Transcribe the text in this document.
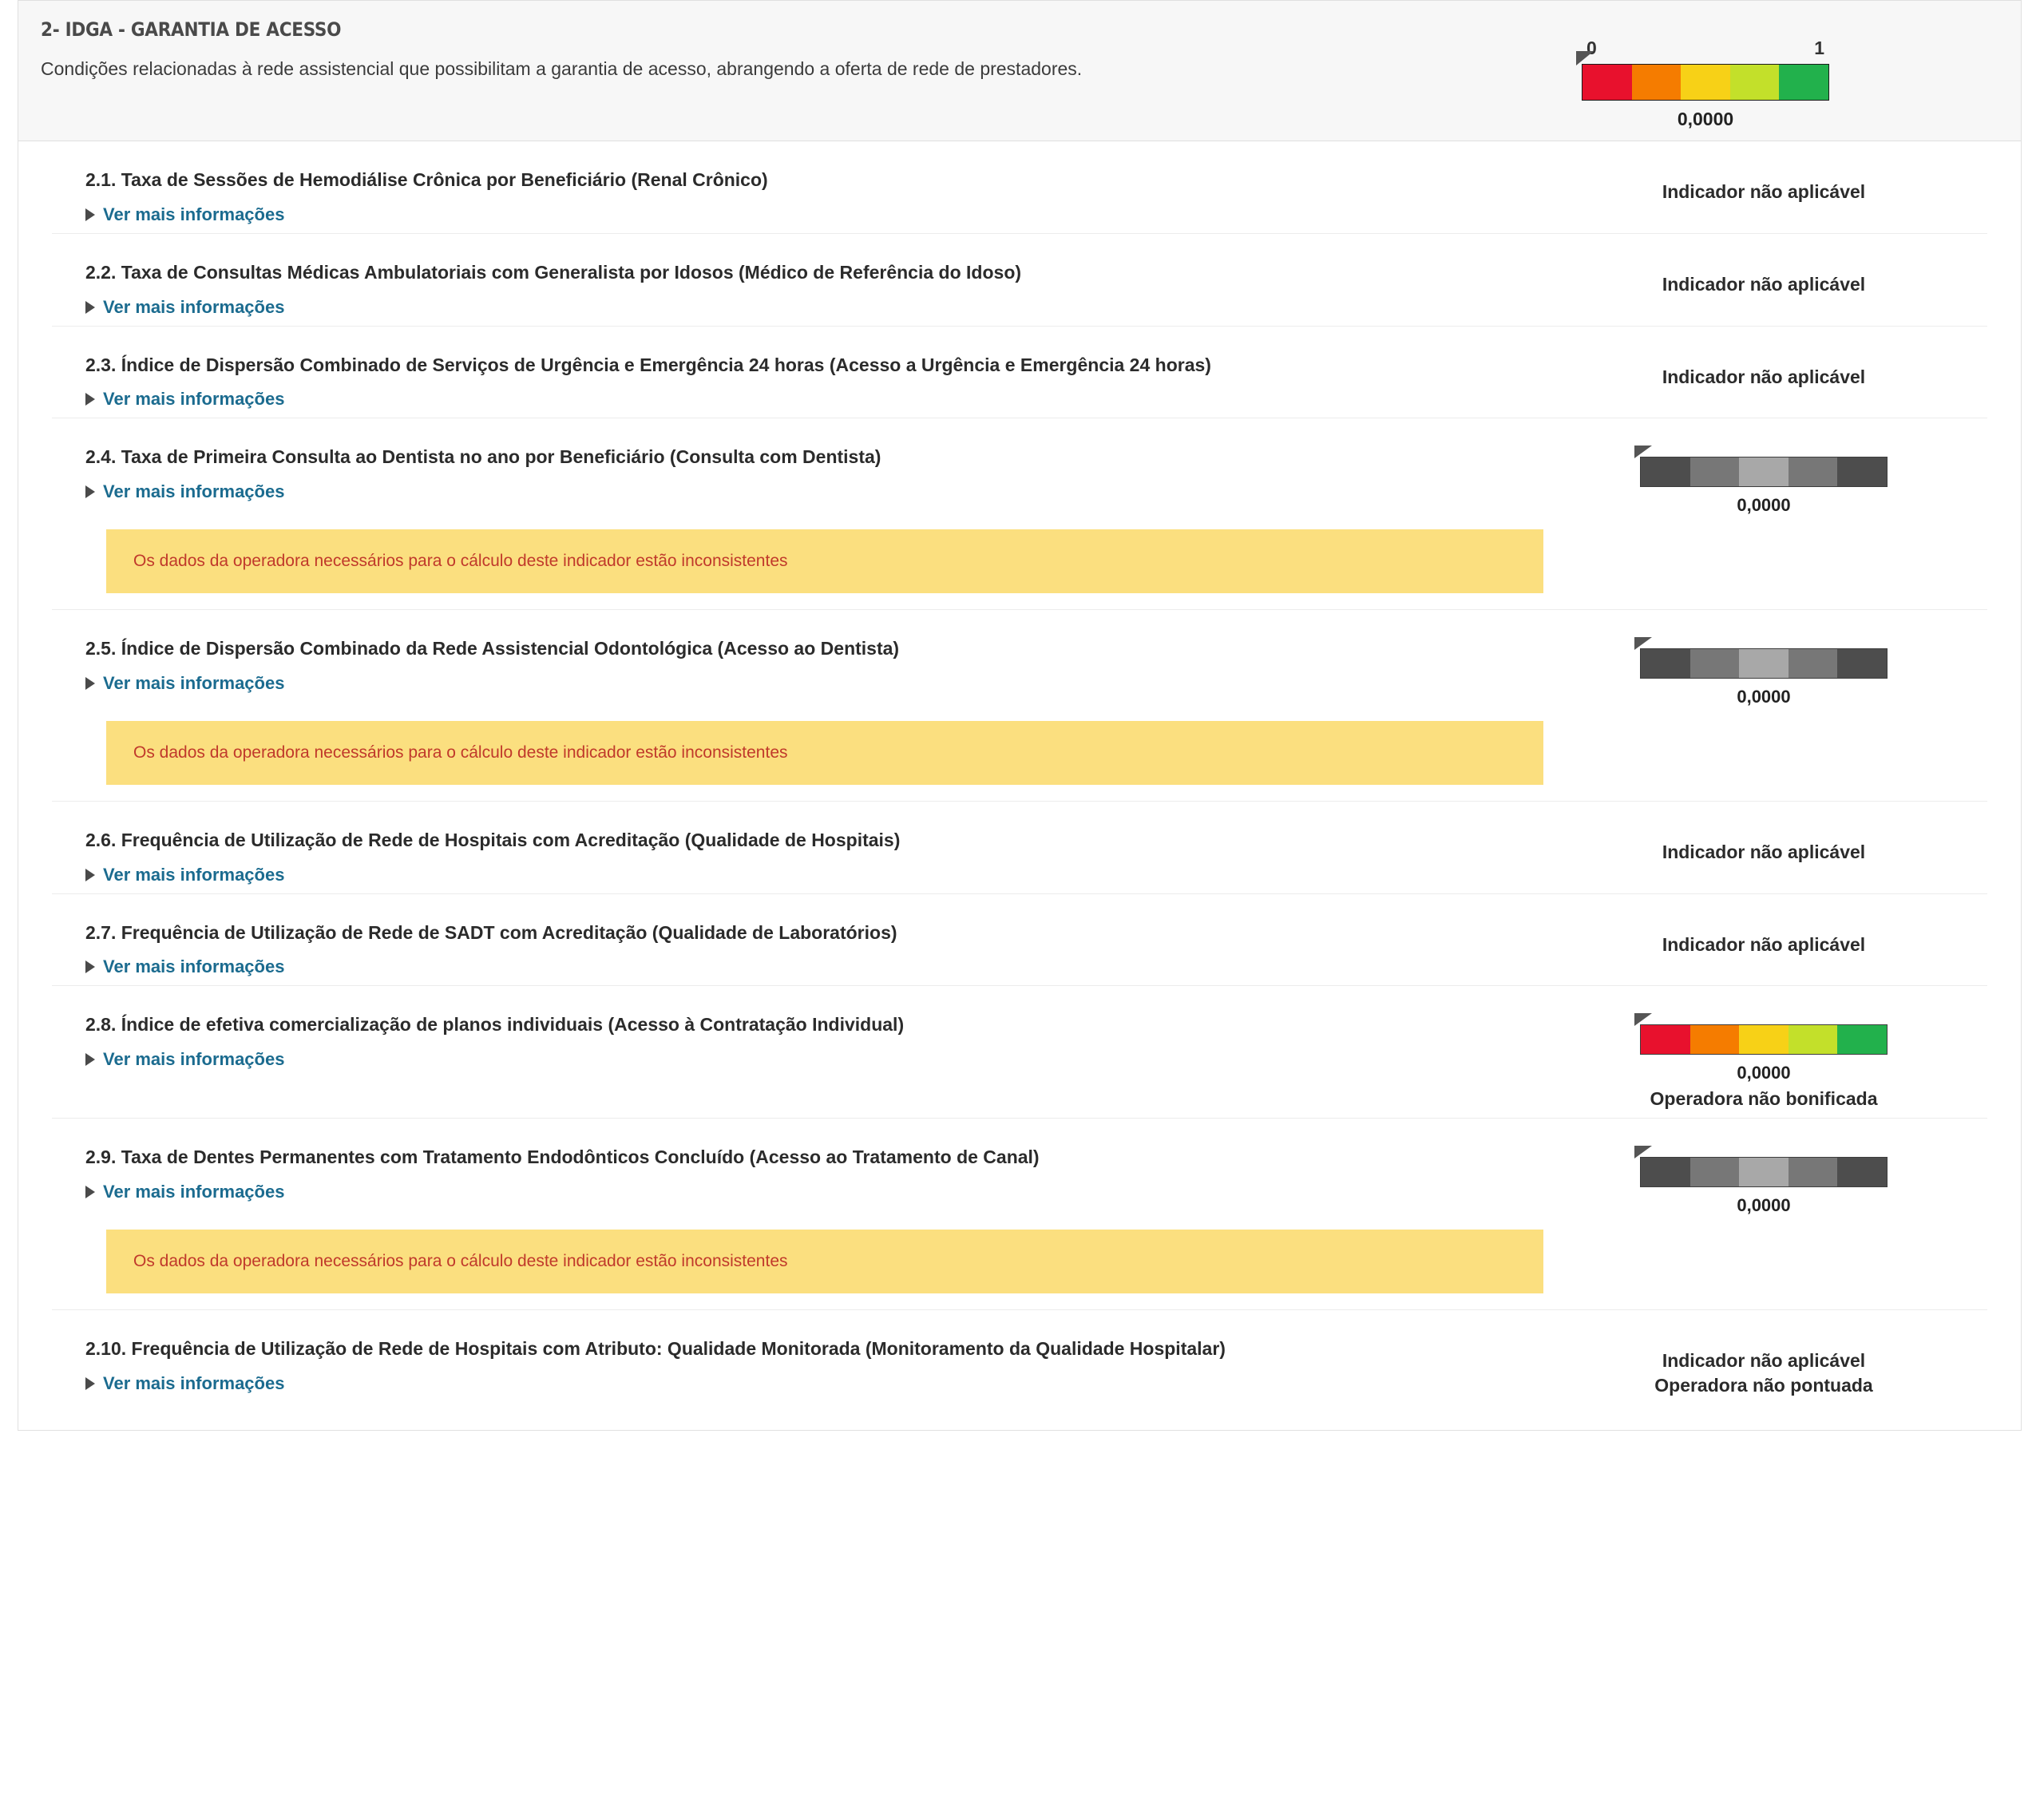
2- IDGA - GARANTIA DE ACESSO
Condições relacionadas à rede assistencial que possibilitam a garantia de acesso, abrangendo a oferta de rede de prestadores.
0	1
0,0000
2.1. Taxa de Sessões de Hemodiálise Crônica por Beneficiário (Renal Crônico)
Ver mais informações
Indicador não aplicável
2.2. Taxa de Consultas Médicas Ambulatoriais com Generalista por Idosos (Médico de Referência do Idoso)
Ver mais informações
Indicador não aplicável
2.3. Índice de Dispersão Combinado de Serviços de Urgência e Emergência 24 horas (Acesso a Urgência e Emergência 24 horas)
Ver mais informações
Indicador não aplicável
2.4. Taxa de Primeira Consulta ao Dentista no ano por Beneficiário (Consulta com Dentista)
Ver mais informações
Os dados da operadora necessários para o cálculo deste indicador estão inconsistentes
0,0000
2.5. Índice de Dispersão Combinado da Rede Assistencial Odontológica (Acesso ao Dentista)
Ver mais informações
Os dados da operadora necessários para o cálculo deste indicador estão inconsistentes
0,0000
2.6. Frequência de Utilização de Rede de Hospitais com Acreditação (Qualidade de Hospitais)
Ver mais informações
Indicador não aplicável
2.7. Frequência de Utilização de Rede de SADT com Acreditação (Qualidade de Laboratórios)
Ver mais informações
Indicador não aplicável
2.8. Índice de efetiva comercialização de planos individuais (Acesso à Contratação Individual)
Ver mais informações
0,0000
Operadora não bonificada
2.9. Taxa de Dentes Permanentes com Tratamento Endodônticos Concluído (Acesso ao Tratamento de Canal)
Ver mais informações
Os dados da operadora necessários para o cálculo deste indicador estão inconsistentes
0,0000
2.10. Frequência de Utilização de Rede de Hospitais com Atributo: Qualidade Monitorada (Monitoramento da Qualidade Hospitalar)
Ver mais informações
Indicador não aplicável
Operadora não pontuada
